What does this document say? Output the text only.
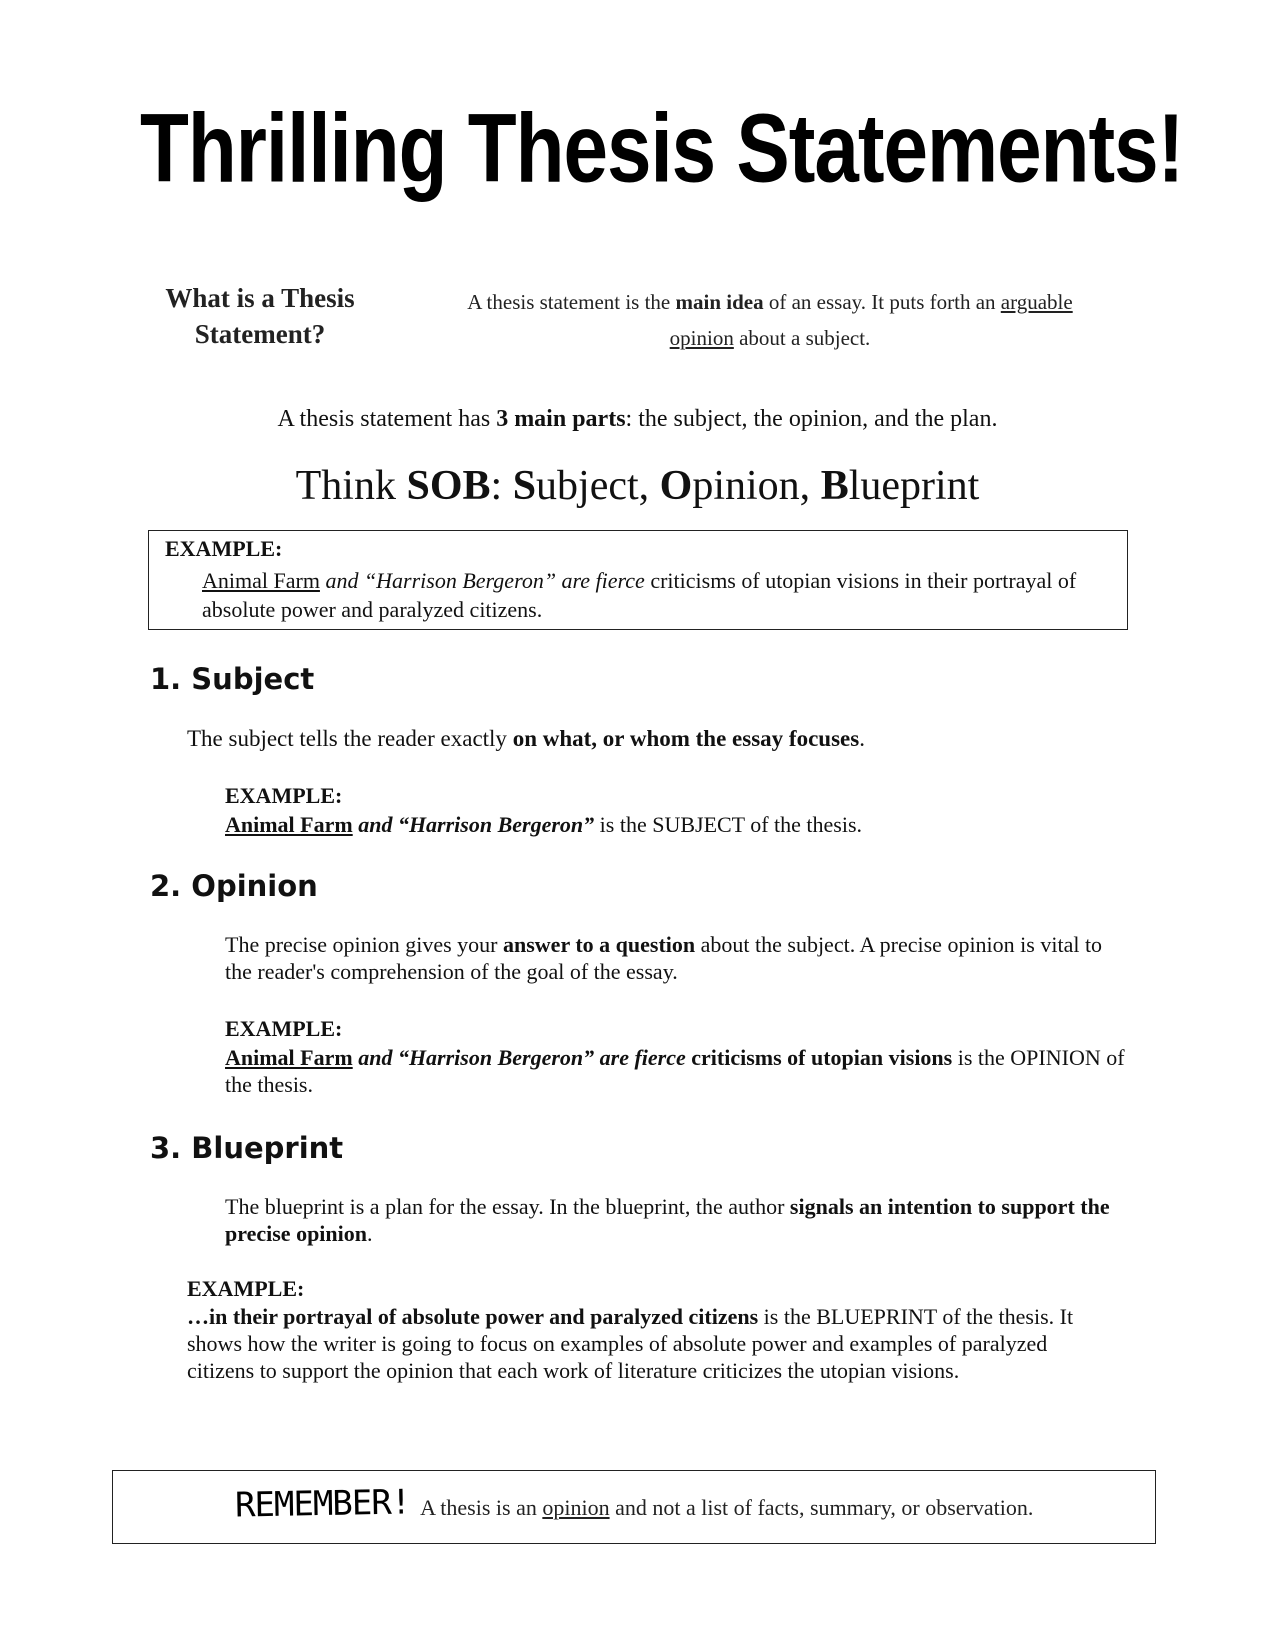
Thrilling Thesis Statements!
What is a Thesis
Statement?
A thesis statement is the main idea of an essay. It puts forth an arguable opinion about a subject.
A thesis statement has 3 main parts: the subject, the opinion, and the plan.
Think SOB: Subject, Opinion, Blueprint
EXAMPLE:
Animal Farm and “Harrison Bergeron” are fierce criticisms of utopian visions in their portrayal of absolute power and paralyzed citizens.
1. Subject
The subject tells the reader exactly on what, or whom the essay focuses.
EXAMPLE:
Animal Farm and “Harrison Bergeron” is the SUBJECT of the thesis.
2. Opinion
The precise opinion gives your answer to a question about the subject. A precise opinion is vital to the reader's comprehension of the goal of the essay.
EXAMPLE:
Animal Farm and “Harrison Bergeron” are fierce criticisms of utopian visions is the OPINION of the thesis.
3. Blueprint
The blueprint is a plan for the essay. In the blueprint, the author signals an intention to support the precise opinion.
EXAMPLE:
…in their portrayal of absolute power and paralyzed citizens is the BLUEPRINT of the thesis. It shows how the writer is going to focus on examples of absolute power and examples of paralyzed citizens to support the opinion that each work of literature criticizes the utopian visions.
REMEMBER! A thesis is an opinion and not a list of facts, summary, or observation.
